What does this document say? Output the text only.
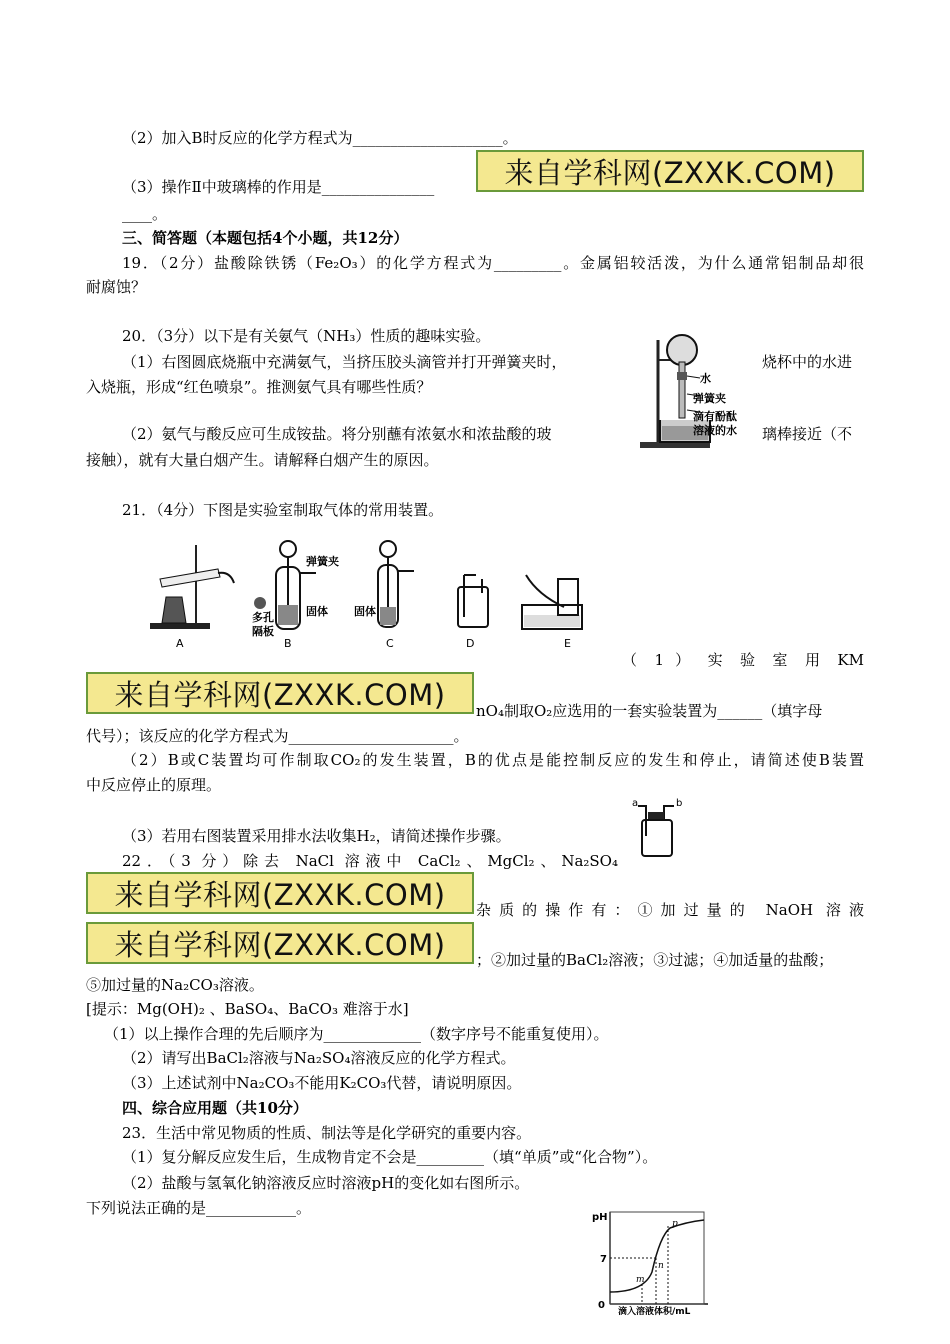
（2）加入B时反应的化学方程式为____________________。
（3）操作Ⅱ中玻璃棒的作用是_______________	来自学科网(ZXXK.COM)
____。
三、简答题（本题包括4个小题，共12分）
19．（2分）盐酸除铁锈（Fe₂O₃）的化学方程式为_________。金属铝较活泼，为什么通常铝制品却很
耐腐蚀？
20．（3分）以下是有关氨气（NH₃）性质的趣味实验。
（1）右图圆底烧瓶中充满氨气，当挤压胶头滴管并打开弹簧夹时，	烧杯中的水进
入烧瓶，形成“红色喷泉”。推测氨气具有哪些性质？
（2）氨气与酸反应可生成铵盐。将分别蘸有浓氨水和浓盐酸的玻	璃棒接近（不
接触），就有大量白烟产生。请解释白烟产生的原因。
水
弹簧夹
滴有酚酞
溶液的水
21．（4分）下图是实验室制取气体的常用装置。
A
弹簧夹
多孔
隔板
固体
B
固体
C	D	E
（ 1 ） 实 验 室 用 KM
来自学科网(ZXXK.COM)	nO₄制取O₂应选用的一套实验装置为______（填字母
代号）；该反应的化学方程式为______________________。
（2）B或C装置均可作制取CO₂的发生装置，B的优点是能控制反应的发生和停止，请简述使B装置
中反应停止的原理。
a	b
（3）若用右图装置采用排水法收集H₂，请简述操作步骤。
22．（3 分）除去 NaCl 溶液中 CaCl₂、MgCl₂、Na₂SO₄
来自学科网(ZXXK.COM)	杂质的操作有：①加过量的 NaOH 溶液
来自学科网(ZXXK.COM)	；②加过量的BaCl₂溶液；③过滤；④加适量的盐酸；
⑤加过量的Na₂CO₃溶液。
[提示：Mg(OH)₂ 、BaSO₄、BaCO₃ 难溶于水]
（1）以上操作合理的先后顺序为_____________（数字序号不能重复使用）。
（2）请写出BaCl₂溶液与Na₂SO₄溶液反应的化学方程式。
（3）上述试剂中Na₂CO₃不能用K₂CO₃代替，请说明原因。
四、综合应用题（共10分）
23．生活中常见物质的性质、制法等是化学研究的重要内容。
（1）复分解反应发生后，生成物肯定不会是_________（填“单质”或“化合物”）。
（2）盐酸与氢氧化钠溶液反应时溶液pH的变化如右图所示。
下列说法正确的是____________。
pH
7
m
n
p
0
滴入溶液体积/mL
